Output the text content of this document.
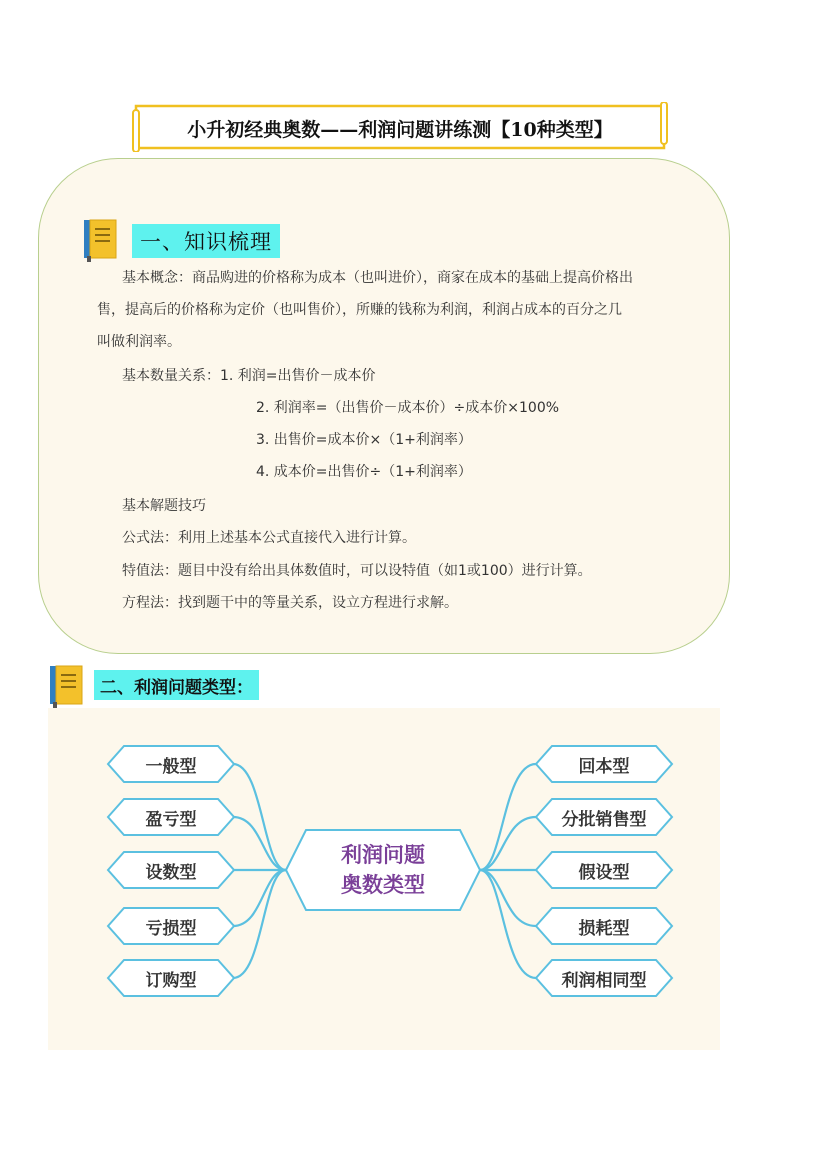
小升初经典奥数——利润问题讲练测【10种类型】
一、知识梳理
基本概念：商品购进的价格称为成本（也叫进价），商家在成本的基础上提高价格出
售，提高后的价格称为定价（也叫售价），所赚的钱称为利润，利润占成本的百分之几
叫做利润率。
基本数量关系：1. 利润=出售价－成本价
2. 利润率=（出售价－成本价）÷成本价×100%
3. 出售价=成本价×（1+利润率）
4. 成本价=出售价÷（1+利润率）
基本解题技巧
公式法：利用上述基本公式直接代入进行计算。
特值法：题目中没有给出具体数值时，可以设特值（如1或100）进行计算。
方程法：找到题干中的等量关系，设立方程进行求解。
二、利润问题类型：
利润问题
奥数类型
一般型
盈亏型
设数型
亏损型
订购型
回本型
分批销售型
假设型
损耗型
利润相同型
